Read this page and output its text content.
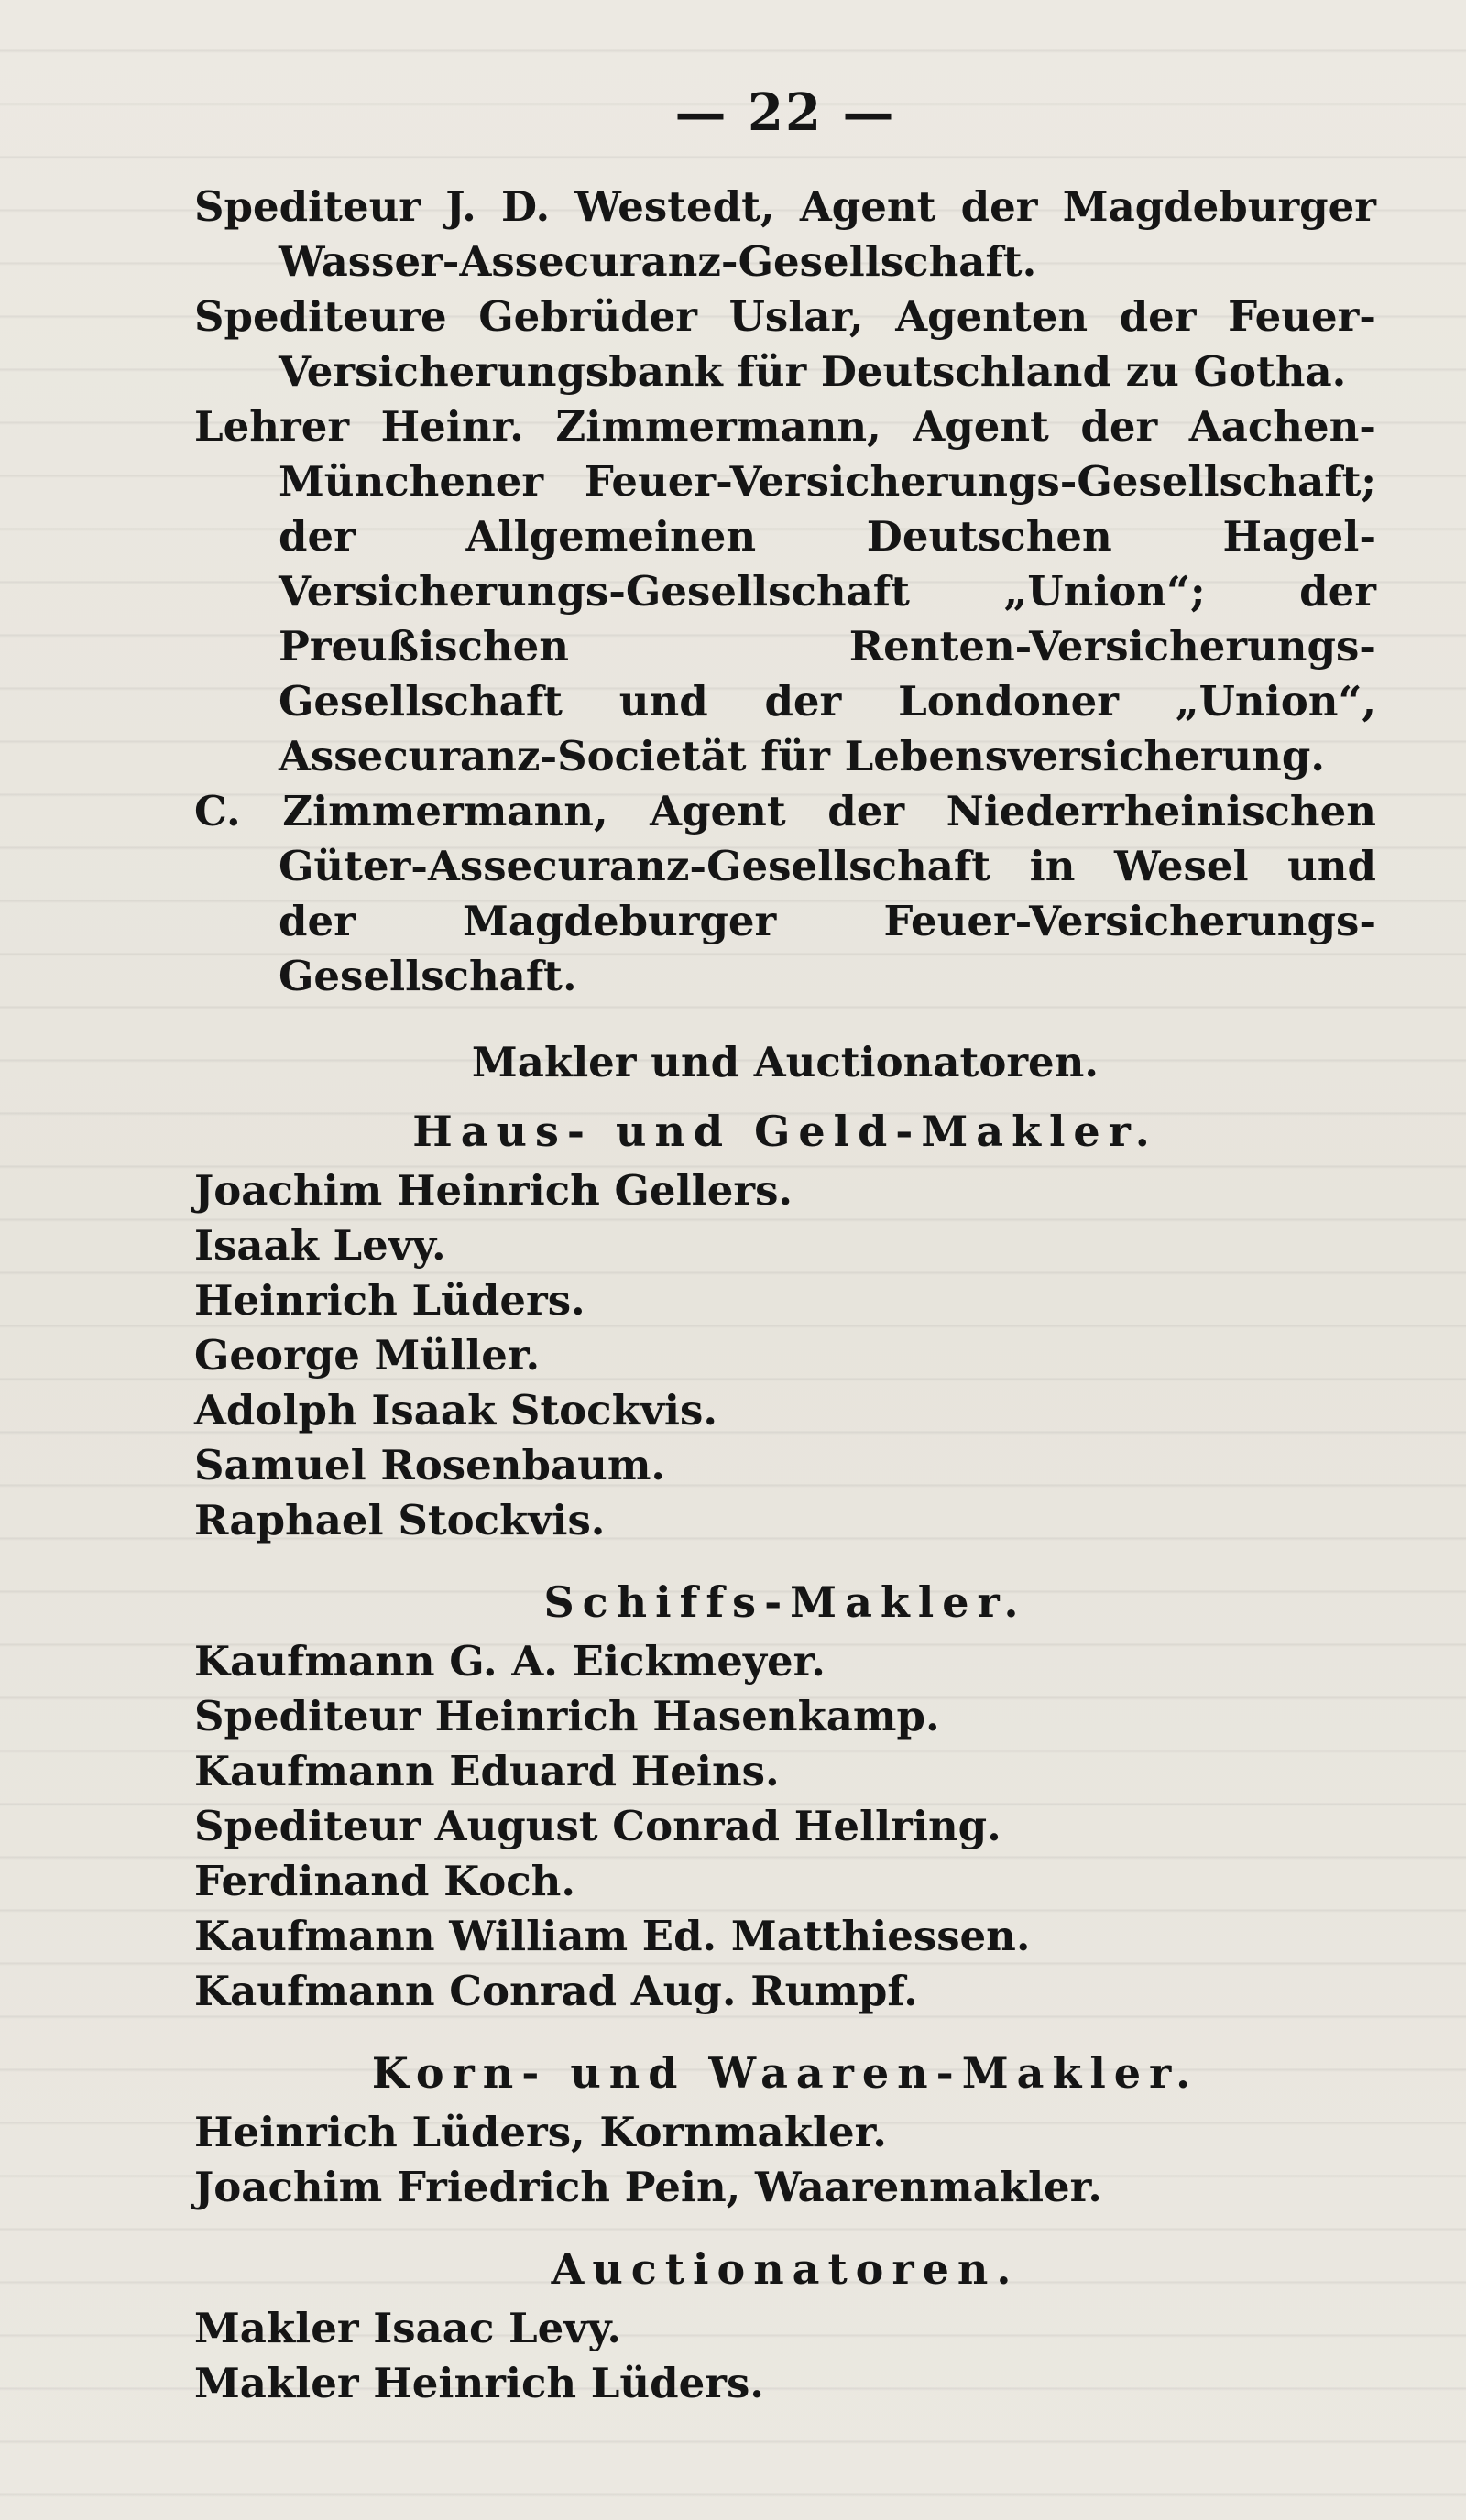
— 22 —
Spediteur J. D. Westedt, Agent der Magdeburger Wasser-Assecuranz-Gesellschaft.
Spediteure Gebrüder Uslar, Agenten der Feuer-Versicherungsbank für Deutschland zu Gotha.
Lehrer Heinr. Zimmermann, Agent der Aachen-Münchener Feuer-Versicherungs-Gesellschaft; der Allgemeinen Deutschen Hagel-Versicherungs-Gesellschaft „Union“; der Preußischen Renten-Versicherungs-Gesellschaft und der Londoner „Union“, Assecuranz-Societät für Lebensversicherung.
C. Zimmermann, Agent der Niederrheinischen Güter-Assecuranz-Gesellschaft in Wesel und der Magdeburger Feuer-Versicherungs-Gesellschaft.
Makler und Auctionatoren.
Haus- und Geld-Makler.
Joachim Heinrich Gellers.
Isaak Levy.
Heinrich Lüders.
George Müller.
Adolph Isaak Stockvis.
Samuel Rosenbaum.
Raphael Stockvis.
Schiffs-Makler.
Kaufmann G. A. Eickmeyer.
Spediteur Heinrich Hasenkamp.
Kaufmann Eduard Heins.
Spediteur August Conrad Hellring.
Ferdinand Koch.
Kaufmann William Ed. Matthiessen.
Kaufmann Conrad Aug. Rumpf.
Korn- und Waaren-Makler.
Heinrich Lüders, Kornmakler.
Joachim Friedrich Pein, Waarenmakler.
Auctionatoren.
Makler Isaac Levy.
Makler Heinrich Lüders.
